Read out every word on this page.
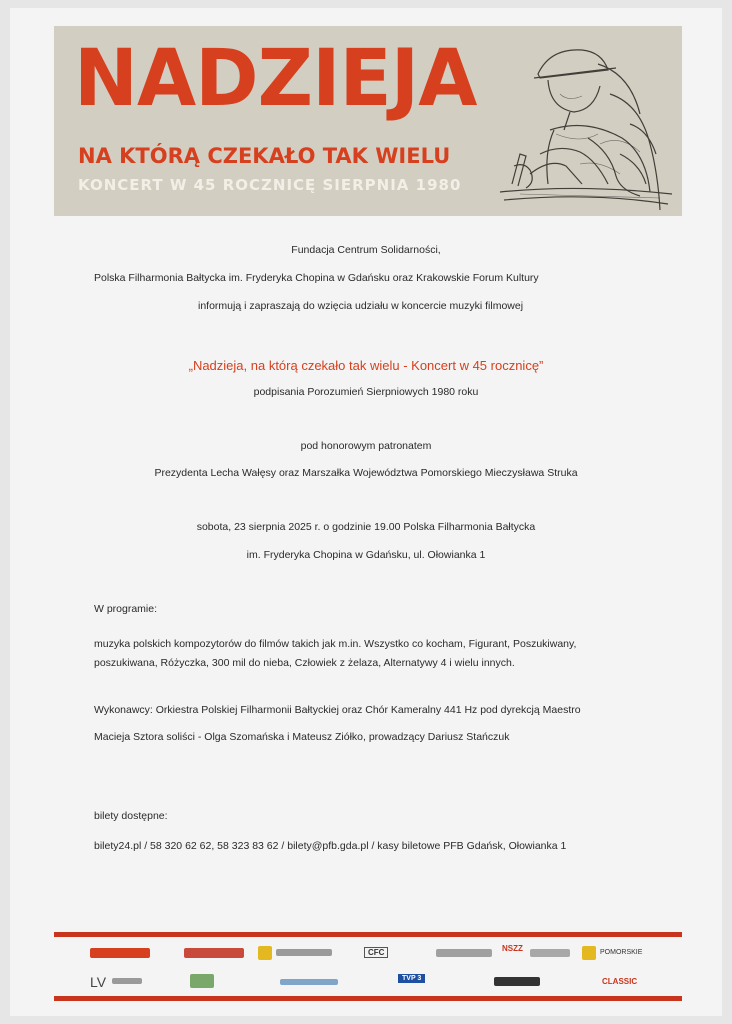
NADZIEJA
NA KTÓRĄ CZEKAŁO TAK WIELU
KONCERT W 45 ROCZNICĘ SIERPNIA 1980
Fundacja Centrum Solidarności,
Polska Filharmonia Bałtycka im. Fryderyka Chopina w Gdańsku oraz Krakowskie Forum Kultury
informują i zapraszają do wzięcia udziału w koncercie muzyki filmowej
„Nadzieja, na którą czekało tak wielu - Koncert w 45 rocznicę”
podpisania Porozumień Sierpniowych 1980 roku
pod honorowym patronatem
Prezydenta Lecha Wałęsy oraz Marszałka Województwa Pomorskiego Mieczysława Struka
sobota, 23 sierpnia 2025 r. o godzinie 19.00 Polska Filharmonia Bałtycka
im. Fryderyka Chopina w Gdańsku, ul. Ołowianka 1
W programie:
muzyka polskich kompozytorów do filmów takich jak m.in. Wszystko co kocham, Figurant, Poszukiwany,
poszukiwana, Różyczka, 300 mil do nieba, Człowiek z żelaza, Alternatywy 4 i wielu innych.
Wykonawcy: Orkiestra Polskiej Filharmonii Bałtyckiej oraz Chór Kameralny 441 Hz pod dyrekcją Maestro
Macieja Sztora soliści - Olga Szomańska i Mateusz Ziółko, prowadzący Dariusz Stańczuk
bilety dostępne:
bilety24.pl / 58 320 62 62, 58 323 83 62 / bilety@pfb.gda.pl / kasy biletowe PFB Gdańsk, Ołowianka 1
CFC	NSZZ	POMORSKIE
LV	TVP 3	CLASSIC
